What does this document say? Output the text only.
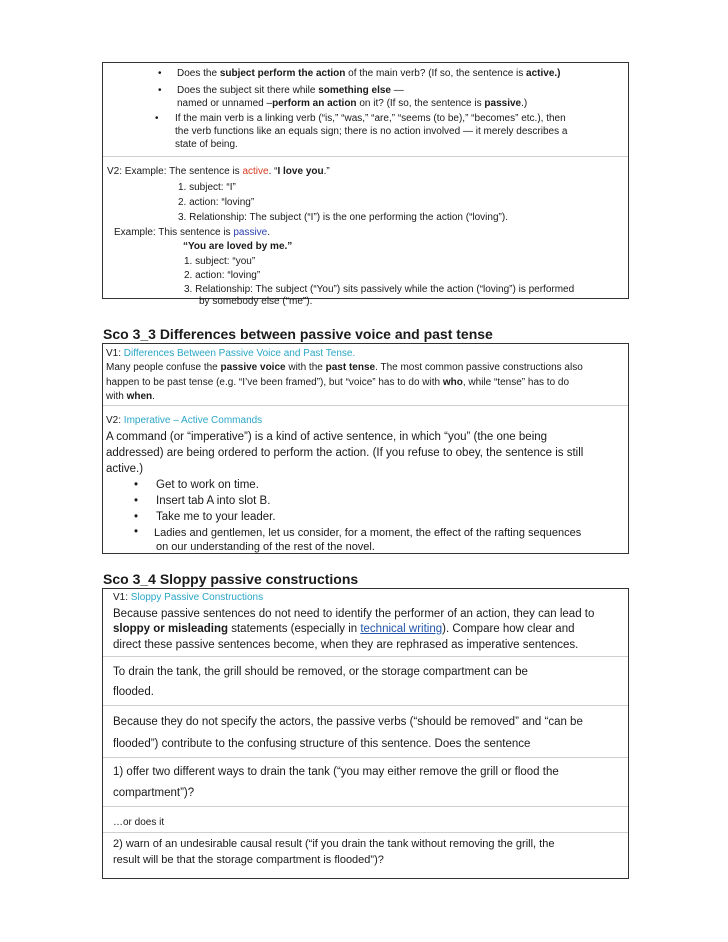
• Does the subject perform the action of the main verb? (If so, the sentence is active.)
• Does the subject sit there while something else —
named or unnamed –perform an action on it? (If so, the sentence is passive.)
• If the main verb is a linking verb (“is,” “was,” “are,” “seems (to be),” “becomes” etc.), then
the verb functions like an equals sign; there is no action involved — it merely describes a
state of being.
V2: Example: The sentence is active. “I love you.”
1. subject: “I”
2. action: “loving”
3. Relationship: The subject (“I”) is the one performing the action (“loving”).
Example: This sentence is passive.
“You are loved by me.”
1. subject: “you”
2. action: “loving”
3. Relationship: The subject (“You”) sits passively while the action (“loving”) is performed
by somebody else (“me”).
Sco 3_3 Differences between passive voice and past tense
V1: Differences Between Passive Voice and Past Tense.
Many people confuse the passive voice with the past tense. The most common passive constructions also
happen to be past tense (e.g. “I’ve been framed”), but “voice” has to do with who, while “tense” has to do
with when.
V2: Imperative – Active Commands
A command (or “imperative”) is a kind of active sentence, in which “you” (the one being
addressed) are being ordered to perform the action. (If you refuse to obey, the sentence is still
active.)
• Get to work on time.
• Insert tab A into slot B.
• Take me to your leader.
• Ladies and gentlemen, let us consider, for a moment, the effect of the rafting sequences
on our understanding of the rest of the novel.
Sco 3_4 Sloppy passive constructions
V1: Sloppy Passive Constructions
Because passive sentences do not need to identify the performer of an action, they can lead to
sloppy or misleading statements (especially in technical writing). Compare how clear and
direct these passive sentences become, when they are rephrased as imperative sentences.
To drain the tank, the grill should be removed, or the storage compartment can be
flooded.
Because they do not specify the actors, the passive verbs (“should be removed” and “can be
flooded”) contribute to the confusing structure of this sentence. Does the sentence
1) offer two different ways to drain the tank (“you may either remove the grill or flood the
compartment”)?
…or does it
2) warn of an undesirable causal result (“if you drain the tank without removing the grill, the
result will be that the storage compartment is flooded”)?
